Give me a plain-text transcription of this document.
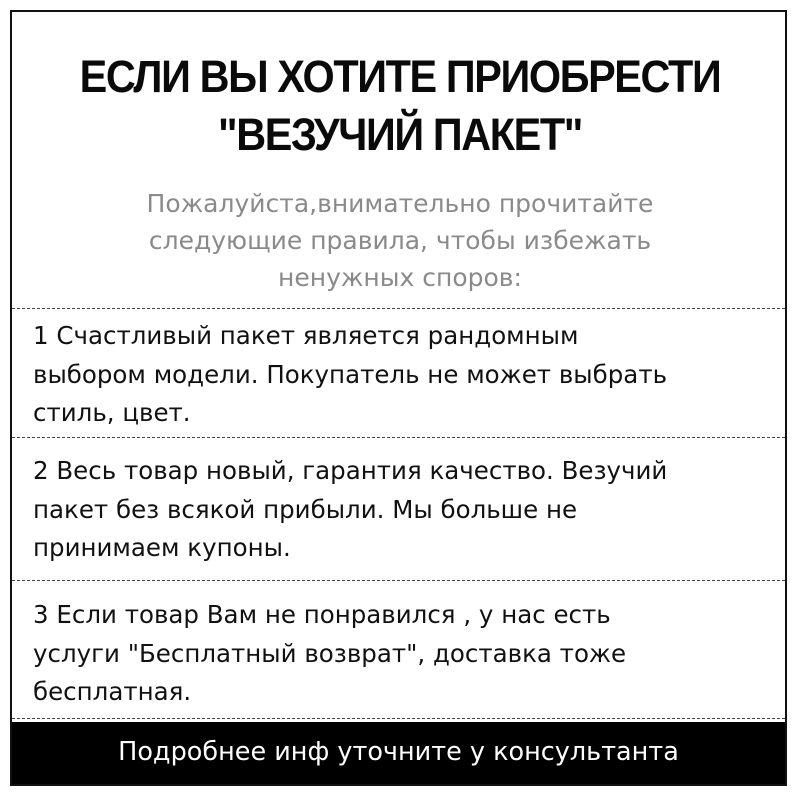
ЕСЛИ ВЫ ХОТИТЕ ПРИОБРЕСТИ
"ВЕЗУЧИЙ ПАКЕТ"
Пожалуйста,внимательно прочитайте
следующие правила, чтобы избежать
ненужных споров:
1 Счастливый пакет является рандомным
выбором модели. Покупатель не может выбрать
стиль, цвет.
2 Весь товар новый, гарантия качество. Везучий
пакет без всякой прибыли. Мы больше не
принимаем купоны.
3 Если товар Вам не понравился , у нас есть
услуги "Бесплатный возврат", доставка тоже
бесплатная.
Подробнее инф уточните у консультанта
